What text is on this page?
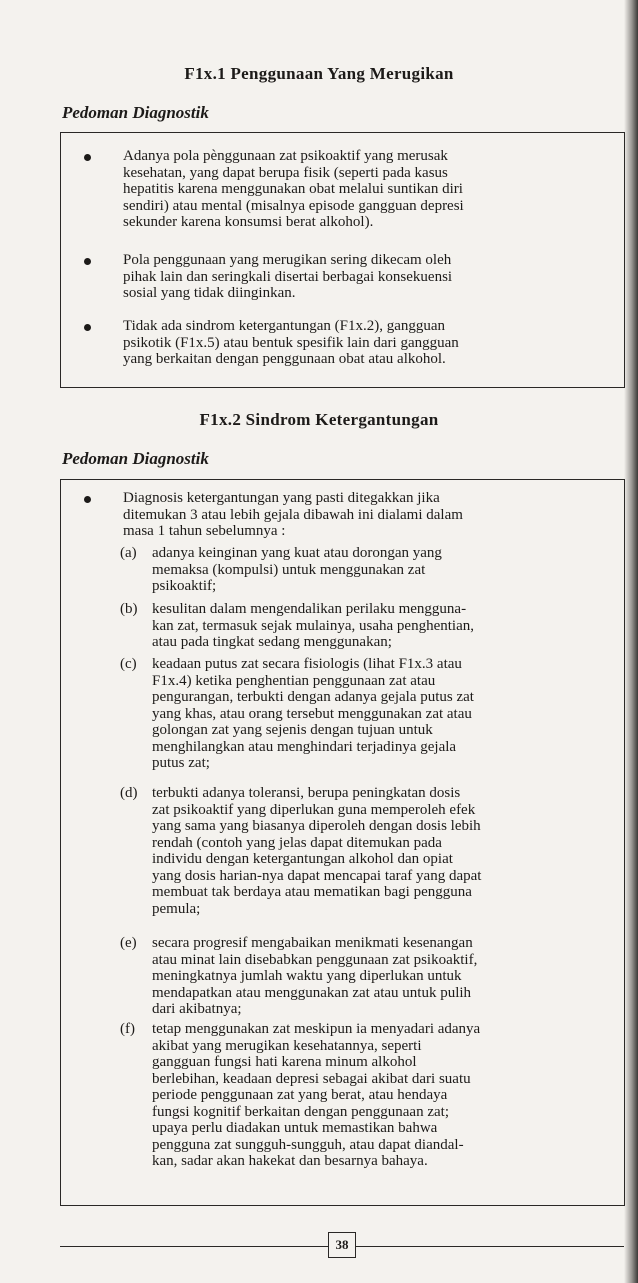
F1x.1 Penggunaan Yang Merugikan
Pedoman Diagnostik
Adanya pola pènggunaan zat psikoaktif yang merusak
kesehatan, yang dapat berupa fisik (seperti pada kasus
hepatitis karena menggunakan obat melalui suntikan diri
sendiri) atau mental (misalnya episode gangguan depresi
sekunder karena konsumsi berat alkohol).
Pola penggunaan yang merugikan sering dikecam oleh
pihak lain dan seringkali disertai berbagai konsekuensi
sosial yang tidak diinginkan.
Tidak ada sindrom ketergantungan (F1x.2), gangguan
psikotik (F1x.5) atau bentuk spesifik lain dari gangguan
yang berkaitan dengan penggunaan obat atau alkohol.
F1x.2 Sindrom Ketergantungan
Pedoman Diagnostik
Diagnosis ketergantungan yang pasti ditegakkan jika
ditemukan 3 atau lebih gejala dibawah ini dialami dalam
masa 1 tahun sebelumnya :
(a) adanya keinginan yang kuat atau dorongan yang
memaksa (kompulsi) untuk menggunakan zat
psikoaktif;
(b) kesulitan dalam mengendalikan perilaku mengguna-
kan zat, termasuk sejak mulainya, usaha penghentian,
atau pada tingkat sedang menggunakan;
(c) keadaan putus zat secara fisiologis (lihat F1x.3 atau
F1x.4) ketika penghentian penggunaan zat atau
pengurangan, terbukti dengan adanya gejala putus zat
yang khas, atau orang tersebut menggunakan zat atau
golongan zat yang sejenis dengan tujuan untuk
menghilangkan atau menghindari terjadinya gejala
putus zat;
(d) terbukti adanya toleransi, berupa peningkatan dosis
zat psikoaktif yang diperlukan guna memperoleh efek
yang sama yang biasanya diperoleh dengan dosis lebih
rendah (contoh yang jelas dapat ditemukan pada
individu dengan ketergantungan alkohol dan opiat
yang dosis harian-nya dapat mencapai taraf yang dapat
membuat tak berdaya atau mematikan bagi pengguna
pemula;
(e) secara progresif mengabaikan menikmati kesenangan
atau minat lain disebabkan penggunaan zat psikoaktif,
meningkatnya jumlah waktu yang diperlukan untuk
mendapatkan atau menggunakan zat atau untuk pulih
dari akibatnya;
(f) tetap menggunakan zat meskipun ia menyadari adanya
akibat yang merugikan kesehatannya, seperti
gangguan fungsi hati karena minum alkohol
berlebihan, keadaan depresi sebagai akibat dari suatu
periode penggunaan zat yang berat, atau hendaya
fungsi kognitif berkaitan dengan penggunaan zat;
upaya perlu diadakan untuk memastikan bahwa
pengguna zat sungguh-sungguh, atau dapat diandal-
kan, sadar akan hakekat dan besarnya bahaya.
38
